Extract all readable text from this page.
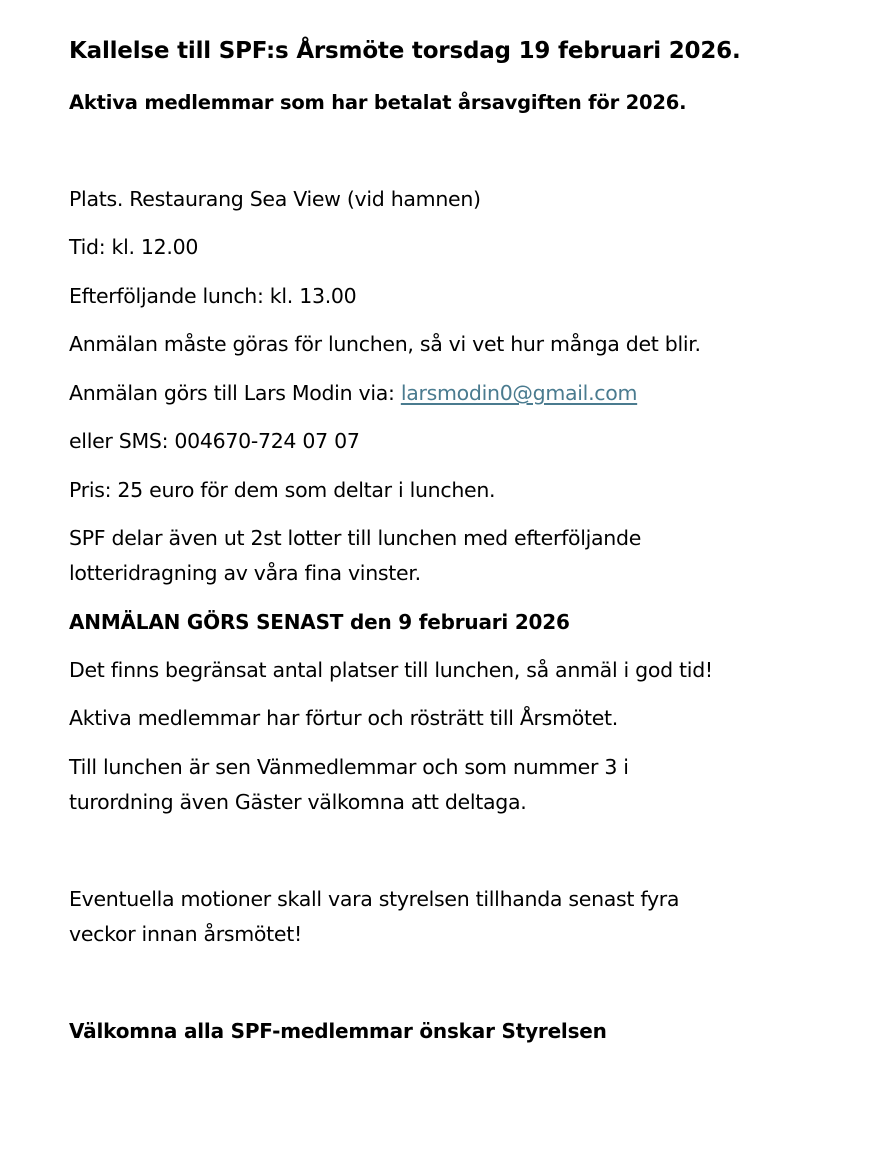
Kallelse till SPF:s Årsmöte torsdag 19 februari 2026.
Aktiva medlemmar som har betalat årsavgiften för 2026.
Plats. Restaurang Sea View (vid hamnen)
Tid: kl. 12.00
Efterföljande lunch: kl. 13.00
Anmälan måste göras för lunchen, så vi vet hur många det blir.
Anmälan görs till Lars Modin via: larsmodin0@gmail.com
eller SMS: 004670-724 07 07
Pris: 25 euro för dem som deltar i lunchen.
SPF delar även ut 2st lotter till lunchen med efterföljande
lotteridragning av våra fina vinster.
ANMÄLAN GÖRS SENAST den 9 februari 2026
Det finns begränsat antal platser till lunchen, så anmäl i god tid!
Aktiva medlemmar har förtur och rösträtt till Årsmötet.
Till lunchen är sen Vänmedlemmar och som nummer 3 i
turordning även Gäster välkomna att deltaga.
Eventuella motioner skall vara styrelsen tillhanda senast fyra
veckor innan årsmötet!
Välkomna alla SPF-medlemmar önskar Styrelsen
